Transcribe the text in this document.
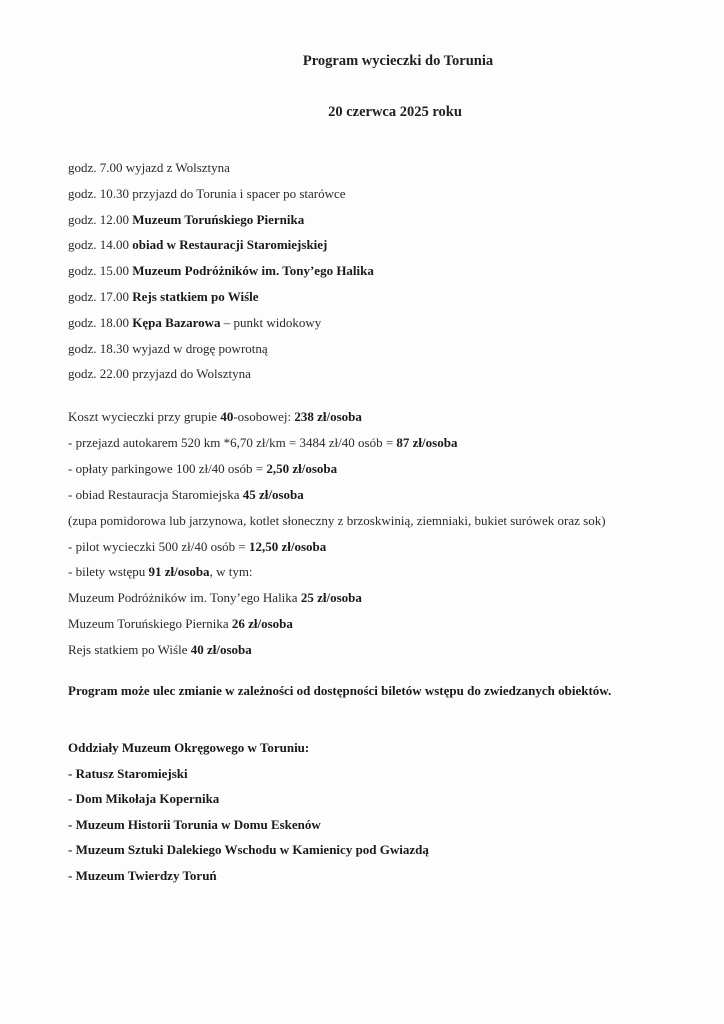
Program wycieczki do Torunia
20 czerwca 2025 roku
godz. 7.00 wyjazd z Wolsztyna
godz. 10.30 przyjazd do Torunia i spacer po starówce
godz. 12.00 Muzeum Toruńskiego Piernika
godz. 14.00 obiad w Restauracji Staromiejskiej
godz. 15.00 Muzeum Podróżników im. Tony’ego Halika
godz. 17.00 Rejs statkiem po Wiśle
godz. 18.00 Kępa Bazarowa – punkt widokowy
godz. 18.30 wyjazd w drogę powrotną
godz. 22.00 przyjazd do Wolsztyna
Koszt wycieczki przy grupie 40-osobowej: 238 zł/osoba
- przejazd autokarem 520 km *6,70 zł/km = 3484 zł/40 osób = 87 zł/osoba
- opłaty parkingowe 100 zł/40 osób = 2,50 zł/osoba
- obiad Restauracja Staromiejska 45 zł/osoba
(zupa pomidorowa lub jarzynowa, kotlet słoneczny z brzoskwinią, ziemniaki, bukiet surówek oraz sok)
- pilot wycieczki 500 zł/40 osób = 12,50 zł/osoba
- bilety wstępu 91 zł/osoba, w tym:
Muzeum Podróżników im. Tony’ego Halika 25 zł/osoba
Muzeum Toruńskiego Piernika 26 zł/osoba
Rejs statkiem po Wiśle 40 zł/osoba
Program może ulec zmianie w zależności od dostępności biletów wstępu do zwiedzanych obiektów.
Oddziały Muzeum Okręgowego w Toruniu:
- Ratusz Staromiejski
- Dom Mikołaja Kopernika
- Muzeum Historii Torunia w Domu Eskenów
- Muzeum Sztuki Dalekiego Wschodu w Kamienicy pod Gwiazdą
- Muzeum Twierdzy Toruń
